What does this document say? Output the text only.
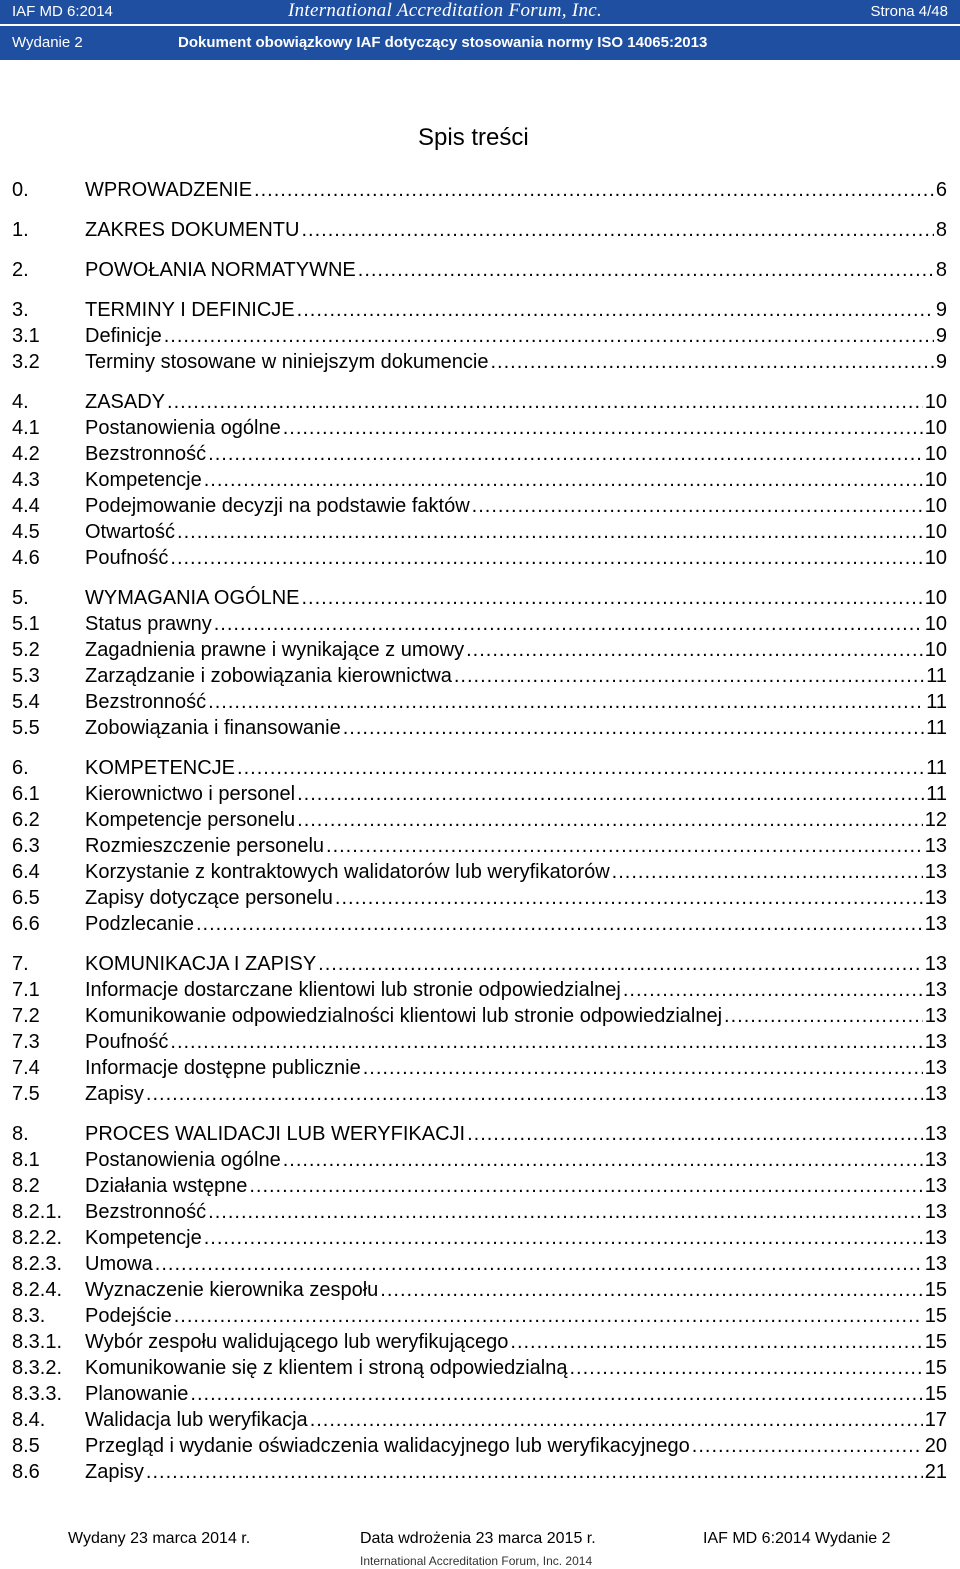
IAF MD 6:2014	International Accreditation Forum, Inc.	Strona 4/48
Wydanie 2	Dokument obowiązkowy IAF dotyczący stosowania normy ISO 14065:2013
Spis treści
0.	WPROWADZENIE .....	6
1.	ZAKRES DOKUMENTU .....	8
2.	POWOŁANIA NORMATYWNE .....	8
3.	TERMINY I DEFINICJE .....	9
3.1	Definicje .....	9
3.2	Terminy stosowane w niniejszym dokumencie .....	9
4.	ZASADY .....	10
4.1	Postanowienia ogólne .....	10
4.2	Bezstronność .....	10
4.3	Kompetencje .....	10
4.4	Podejmowanie decyzji na podstawie faktów .....	10
4.5	Otwartość .....	10
4.6	Poufność .....	10
5.	WYMAGANIA OGÓLNE .....	10
5.1	Status prawny .....	10
5.2	Zagadnienia prawne i wynikające z umowy .....	10
5.3	Zarządzanie i zobowiązania kierownictwa .....	11
5.4	Bezstronność .....	11
5.5	Zobowiązania i finansowanie .....	11
6.	KOMPETENCJE .....	11
6.1	Kierownictwo i personel .....	11
6.2	Kompetencje personelu .....	12
6.3	Rozmieszczenie personelu .....	13
6.4	Korzystanie z kontraktowych walidatorów lub weryfikatorów .....	13
6.5	Zapisy dotyczące personelu .....	13
6.6	Podzlecanie .....	13
7.	KOMUNIKACJA I ZAPISY .....	13
7.1	Informacje dostarczane klientowi lub stronie odpowiedzialnej .....	13
7.2	Komunikowanie odpowiedzialności klientowi lub stronie odpowiedzialnej .....	13
7.3	Poufność .....	13
7.4	Informacje dostępne publicznie .....	13
7.5	Zapisy .....	13
8.	PROCES WALIDACJI LUB WERYFIKACJI .....	13
8.1	Postanowienia ogólne .....	13
8.2	Działania wstępne .....	13
8.2.1.	Bezstronność .....	13
8.2.2.	Kompetencje .....	13
8.2.3.	Umowa .....	13
8.2.4.	Wyznaczenie kierownika zespołu .....	15
8.3.	Podejście .....	15
8.3.1.	Wybór zespołu walidującego lub weryfikującego .....	15
8.3.2.	Komunikowanie się z klientem i stroną odpowiedzialną .....	15
8.3.3.	Planowanie .....	15
8.4.	Walidacja lub weryfikacja .....	17
8.5	Przegląd i wydanie oświadczenia walidacyjnego lub weryfikacyjnego .....	20
8.6	Zapisy .....	21
Wydany 23 marca 2014 r.	Data wdrożenia 23 marca 2015 r.	IAF MD 6:2014 Wydanie 2
International Accreditation Forum, Inc. 2014
